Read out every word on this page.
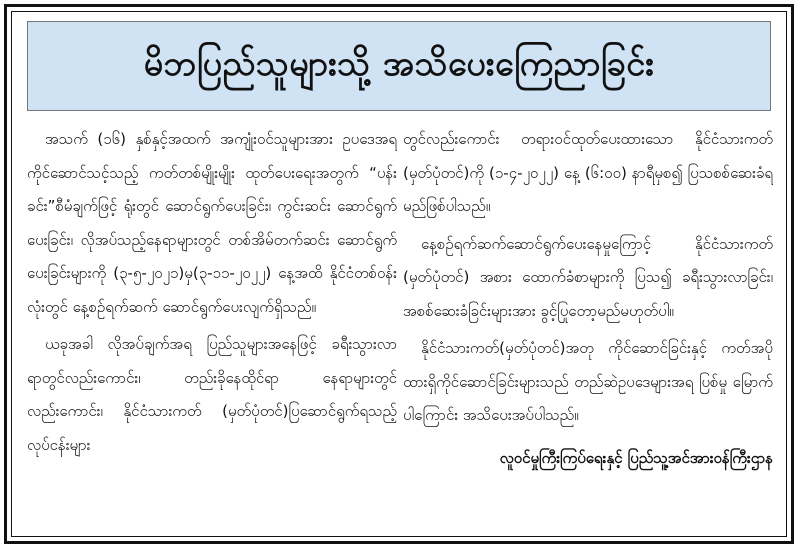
မိဘပြည်သူများသို့ အသိပေးကြေညာခြင်း

အသက် (၁၆) နှစ်နှင့်အထက် အကျုံးဝင်သူများအား ဥပဒေအရ ကိုင်ဆောင်သင့်သည့် ကတ်တစ်မျိုးမျိုး ထုတ်ပေးရေးအတွက် “ပန်းခင်း”စီမံချက်ဖြင့် ရုံးတွင် ဆောင်ရွက်ပေးခြင်း၊ ကွင်းဆင်း ဆောင်ရွက်ပေးခြင်း၊ လိုအပ်သည့်နေရာများတွင် တစ်အိမ်တက်ဆင်း ဆောင်ရွက်ပေးခြင်းများကို (၃-၅-၂၀၂၁)မှ(၃-၁၁-၂၀၂၂) နေ့အထိ နိုင်ငံတစ်ဝန်းလုံးတွင် နေ့စဉ်ရက်ဆက် ဆောင်ရွက်ပေးလျက်ရှိသည်။

ယခုအခါ လိုအပ်ချက်အရ ပြည်သူများအနေဖြင့် ခရီးသွားလာရာတွင်လည်းကောင်း၊ တည်းခိုနေထိုင်ရာ နေရာများတွင် လည်းကောင်း၊ နိုင်ငံသားကတ် (မှတ်ပုံတင်)ပြဆောင်ရွက်ရသည့် လုပ်ငန်းများ

တွင်လည်းကောင်း တရားဝင်ထုတ်ပေးထားသော နိုင်ငံသားကတ် (မှတ်ပုံတင်)ကို (၁-၄-၂၀၂၂) နေ့ (၆:၀၀) နာရီမှစ၍ ပြသစစ်ဆေးခံရမည်ဖြစ်ပါသည်။

နေ့စဉ်ရက်ဆက်ဆောင်ရွက်ပေးနေမှုကြောင့် နိုင်ငံသားကတ် (မှတ်ပုံတင်) အစား ထောက်ခံစာများကို ပြသ၍ ခရီးသွားလာခြင်း၊ အစစ်ဆေးခံခြင်းများအား ခွင့်ပြုတော့မည်မဟုတ်ပါ။

နိုင်ငံသားကတ်(မှတ်ပုံတင်)အတု ကိုင်ဆောင်ခြင်းနှင့် ကတ်အပို ထားရှိကိုင်ဆောင်ခြင်းများသည် တည်ဆဲဥပဒေများအရ ပြစ်မှု မြောက်ပါကြောင်း အသိပေးအပ်ပါသည်။

လူဝင်မှုကြီးကြပ်ရေးနှင့် ပြည်သူ့အင်အားဝန်ကြီးဌာန
